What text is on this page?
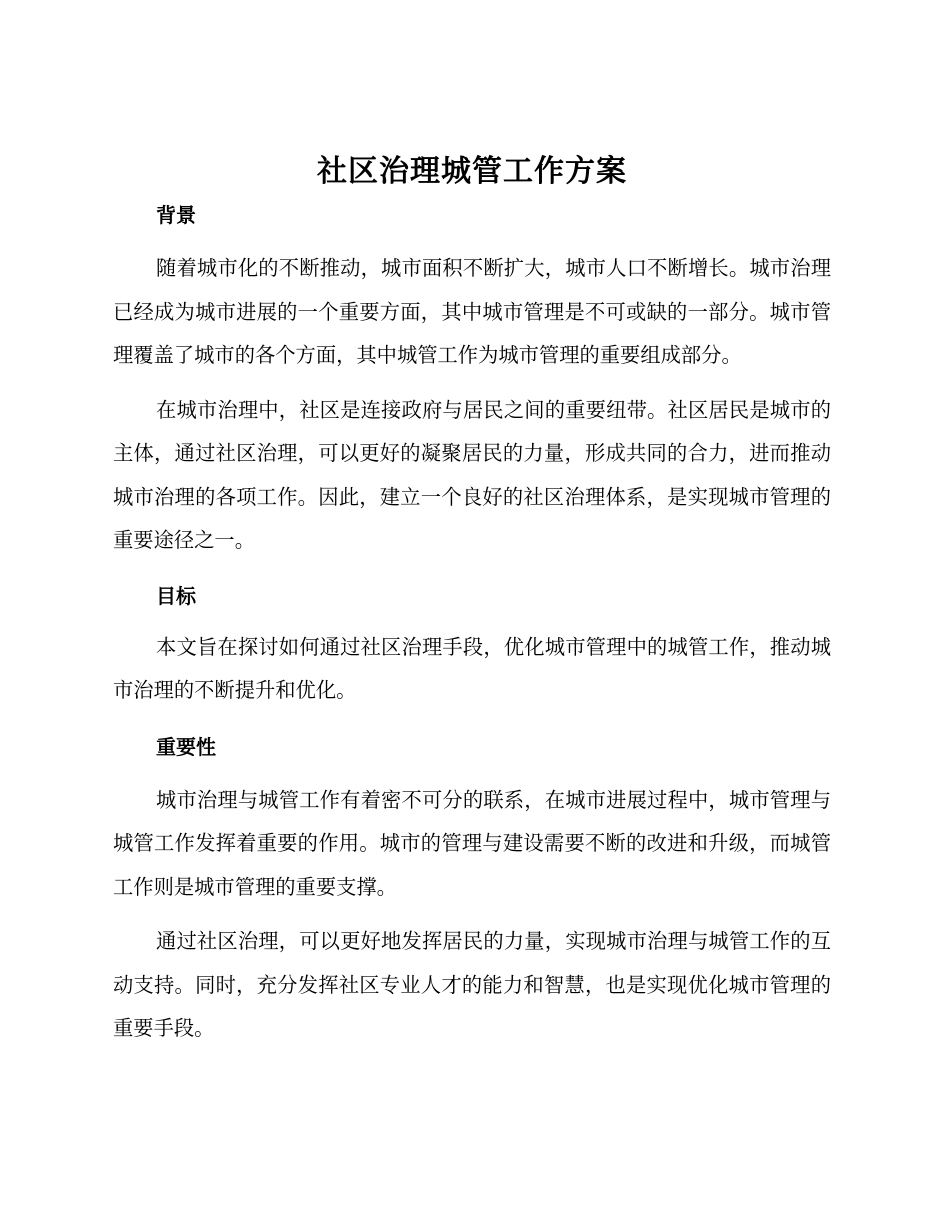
社区治理城管工作方案
背景

随着城市化的不断推动，城市面积不断扩大，城市人口不断增长。城市治理已经成为城市进展的一个重要方面，其中城市管理是不可或缺的一部分。城市管理覆盖了城市的各个方面，其中城管工作为城市管理的重要组成部分。

在城市治理中，社区是连接政府与居民之间的重要纽带。社区居民是城市的主体，通过社区治理，可以更好的凝聚居民的力量，形成共同的合力，进而推动城市治理的各项工作。因此，建立一个良好的社区治理体系，是实现城市管理的重要途径之一。

目标

本文旨在探讨如何通过社区治理手段，优化城市管理中的城管工作，推动城市治理的不断提升和优化。

重要性

城市治理与城管工作有着密不可分的联系，在城市进展过程中，城市管理与城管工作发挥着重要的作用。城市的管理与建设需要不断的改进和升级，而城管工作则是城市管理的重要支撑。

通过社区治理，可以更好地发挥居民的力量，实现城市治理与城管工作的互动支持。同时，充分发挥社区专业人才的能力和智慧，也是实现优化城市管理的重要手段。
